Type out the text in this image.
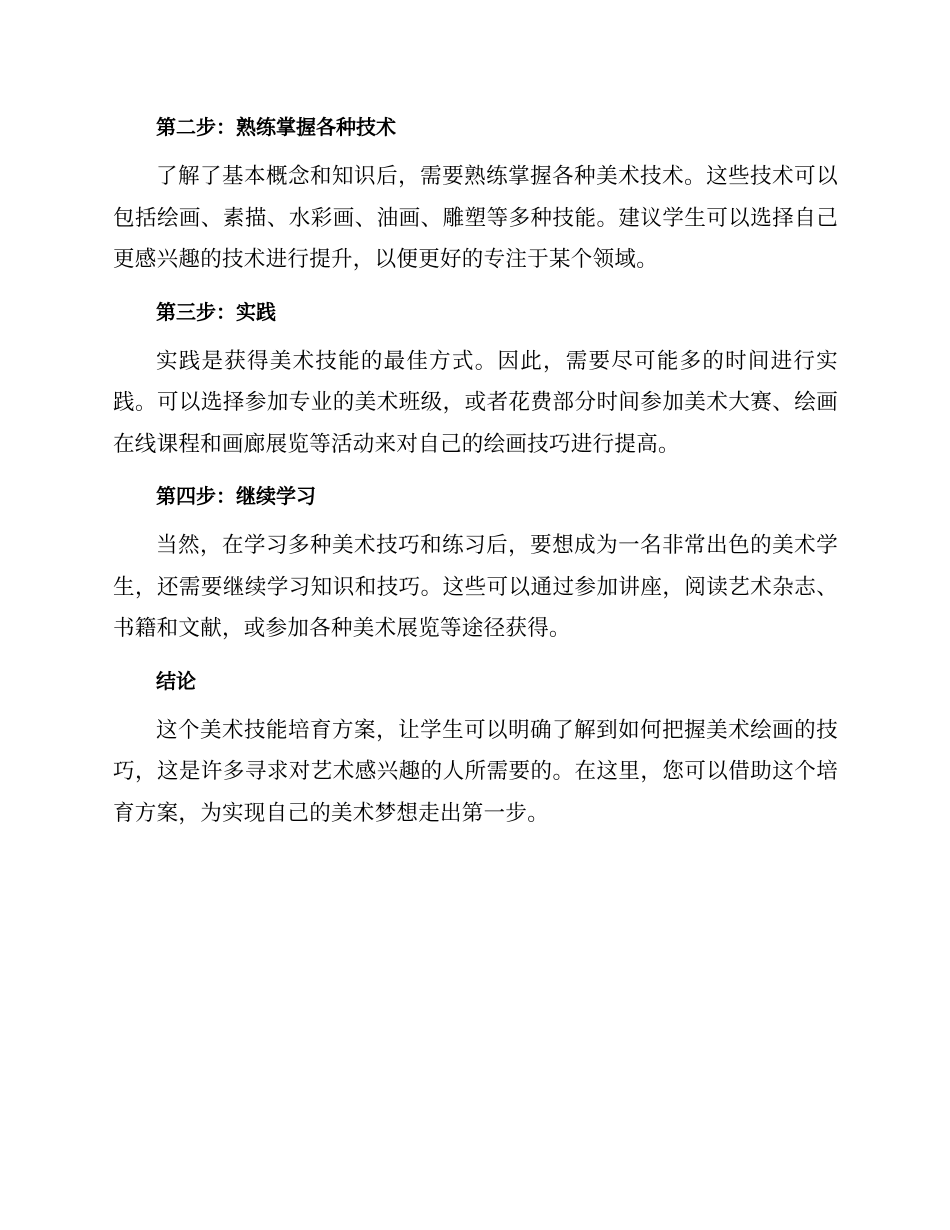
第二步：熟练掌握各种技术

了解了基本概念和知识后，需要熟练掌握各种美术技术。这些技术可以包括绘画、素描、水彩画、油画、雕塑等多种技能。建议学生可以选择自己更感兴趣的技术进行提升，以便更好的专注于某个领域。

第三步：实践

实践是获得美术技能的最佳方式。因此，需要尽可能多的时间进行实践。可以选择参加专业的美术班级，或者花费部分时间参加美术大赛、绘画在线课程和画廊展览等活动来对自己的绘画技巧进行提高。

第四步：继续学习

当然，在学习多种美术技巧和练习后，要想成为一名非常出色的美术学生，还需要继续学习知识和技巧。这些可以通过参加讲座，阅读艺术杂志、书籍和文献，或参加各种美术展览等途径获得。

结论

这个美术技能培育方案，让学生可以明确了解到如何把握美术绘画的技巧，这是许多寻求对艺术感兴趣的人所需要的。在这里，您可以借助这个培育方案，为实现自己的美术梦想走出第一步。
